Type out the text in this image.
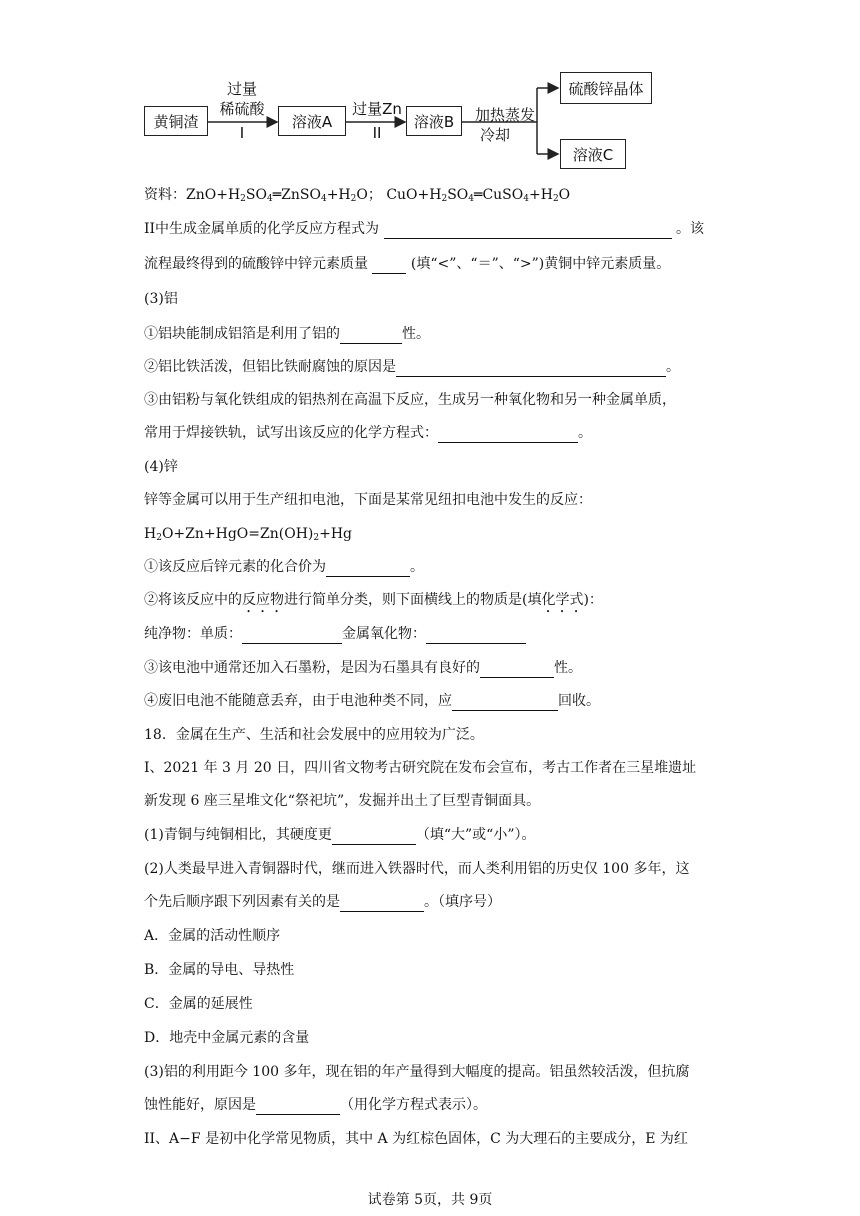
黄铜渣
过量
稀硫酸
I
溶液A
过量Zn
II
溶液B	加热蒸发
冷却
硫酸锌晶体
溶液C
资料：$ZnO+H_2SO_4═ZnSO_4+H_2O$； $CuO+H_2SO_4═CuSO_4+H_2O$
II中生成金属单质的化学反应方程式为	。该
流程最终得到的硫酸锌中锌元素质量	(填“<”、“＝”、“>”)黄铜中锌元素质量。
(3)铝
①铝块能制成铝箔是利用了铝的	性。
②铝比铁活泼，但铝比铁耐腐蚀的原因是	。
③由铝粉与氧化铁组成的铝热剂在高温下反应，生成另一种氧化物和另一种金属单质，
常用于焊接铁轨，试写出该反应的化学方程式：	。
(4)锌
锌等金属可以用于生产纽扣电池，下面是某常见纽扣电池中发生的反应：
$H_2O+Zn+HgO=Zn(OH)_2+Hg$
①该反应后锌元素的化合价为	。
②将该反应中的反应物进行简单分类，则下面横线上的物质是(填化学式)：
纯净物：单质：	金属氧化物：
③该电池中通常还加入石墨粉，是因为石墨具有良好的	性。
④废旧电池不能随意丢弃，由于电池种类不同，应	回收。
18．金属在生产、生活和社会发展中的应用较为广泛。
I、2021 年 3 月 20 日，四川省文物考古研究院在发布会宣布，考古工作者在三星堆遗址
新发现 6 座三星堆文化“祭祀坑”，发掘并出土了巨型青铜面具。
(1)青铜与纯铜相比，其硬度更	（填“大”或“小”）。
(2)人类最早进入青铜器时代，继而进入铁器时代，而人类利用铝的历史仅 100 多年，这
个先后顺序跟下列因素有关的是	。（填序号）
A．金属的活动性顺序
B．金属的导电、导热性
C．金属的延展性
D．地壳中金属元素的含量
(3)铝的利用距今 100 多年，现在铝的年产量得到大幅度的提高。铝虽然较活泼，但抗腐
蚀性能好，原因是	（用化学方程式表示）。
II、A−F 是初中化学常见物质，其中 A 为红棕色固体，C 为大理石的主要成分，E 为红
试卷第 5页，共 9页
